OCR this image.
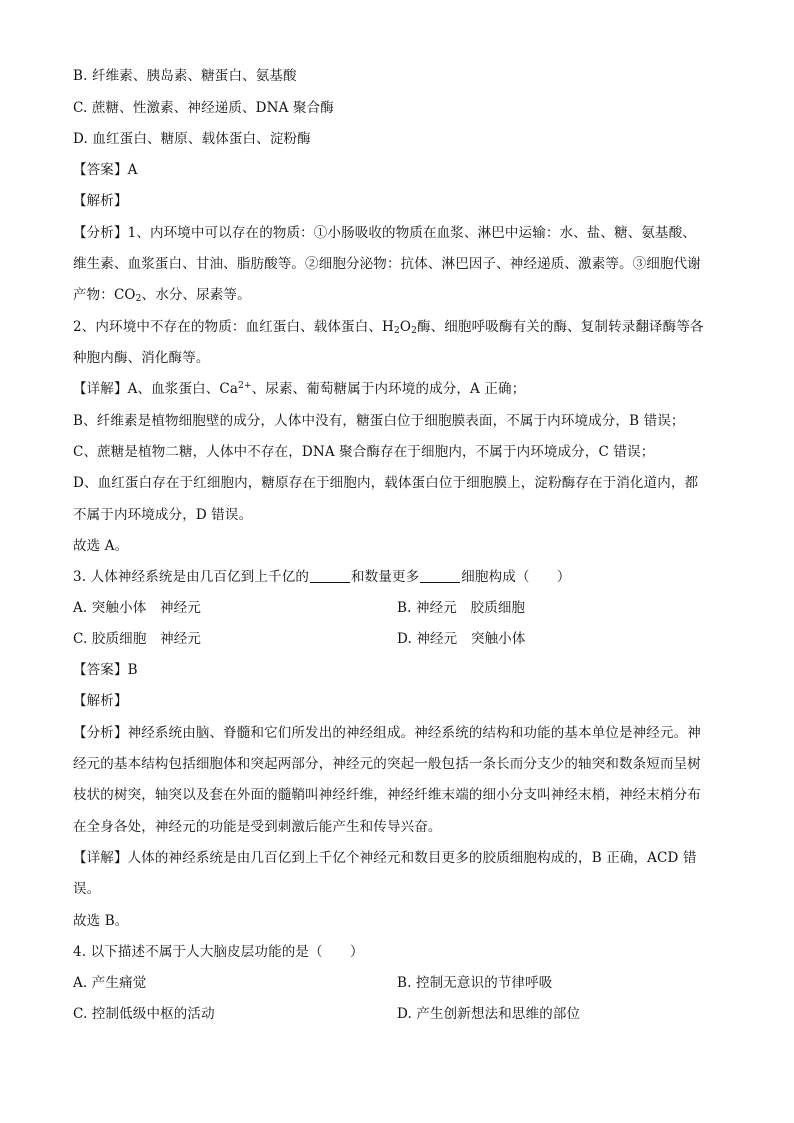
B. 纤维素、胰岛素、糖蛋白、氨基酸
C. 蔗糖、性激素、神经递质、DNA 聚合酶
D. 血红蛋白、糖原、载体蛋白、淀粉酶
【答案】A
【解析】
【分析】1、内环境中可以存在的物质：①小肠吸收的物质在血浆、淋巴中运输：水、盐、糖、氨基酸、
维生素、血浆蛋白、甘油、脂肪酸等。②细胞分泌物：抗体、淋巴因子、神经递质、激素等。③细胞代谢
产物：$CO_2$、水分、尿素等。
2、内环境中不存在的物质：血红蛋白、载体蛋白、$H_2O_2$酶、细胞呼吸酶有关的酶、复制转录翻译酶等各
种胞内酶、消化酶等。
【详解】A、血浆蛋白、$Ca^{2+}$、尿素、葡萄糖属于内环境的成分，A 正确；
B、纤维素是植物细胞壁的成分，人体中没有，糖蛋白位于细胞膜表面，不属于内环境成分，B 错误；
C、蔗糖是植物二糖，人体中不存在，DNA 聚合酶存在于细胞内，不属于内环境成分，C 错误；
D、血红蛋白存在于红细胞内，糖原存在于细胞内，载体蛋白位于细胞膜上，淀粉酶存在于消化道内，都
不属于内环境成分，D 错误。
故选 A。
3. 人体神经系统是由几百亿到上千亿的	和数量更多	细胞构成（　　）
A. 突触小体　神经元	B. 神经元　胶质细胞
C. 胶质细胞　神经元	D. 神经元　突触小体
【答案】B
【解析】
【分析】神经系统由脑、脊髓和它们所发出的神经组成。神经系统的结构和功能的基本单位是神经元。神
经元的基本结构包括细胞体和突起两部分，神经元的突起一般包括一条长而分支少的轴突和数条短而呈树
枝状的树突，轴突以及套在外面的髓鞘叫神经纤维，神经纤维末端的细小分支叫神经末梢，神经末梢分布
在全身各处，神经元的功能是受到刺激后能产生和传导兴奋。
【详解】人体的神经系统是由几百亿到上千亿个神经元和数目更多的胶质细胞构成的，B 正确，ACD 错
误。
故选 B。
4. 以下描述不属于人大脑皮层功能的是（　　）
A. 产生痛觉	B. 控制无意识的节律呼吸
C. 控制低级中枢的活动	D. 产生创新想法和思维的部位
